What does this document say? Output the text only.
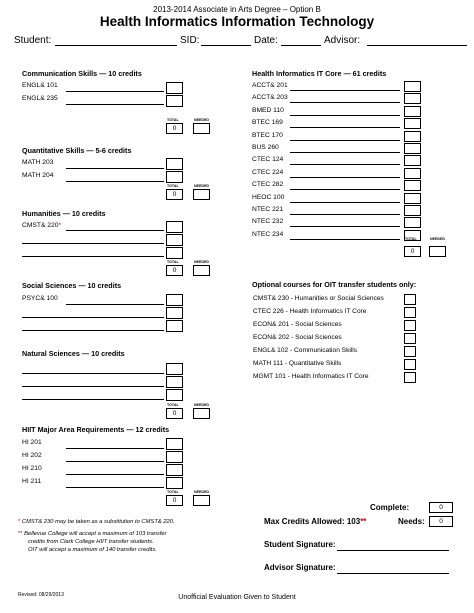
2013-2014 Associate in Arts Degree – Option B
Health Informatics Information Technology
Student:	SID:	Date:	Advisor:
Communication Skills — 10 credits
ENGL& 101
ENGL& 235
TOTAL	NEEDED
0
Quantitative Skills — 5-6 credits
MATH 203
MATH 204
TOTAL	NEEDED
0
Humanities — 10 credits
CMST& 220*
TOTAL	NEEDED
0
Social Sciences — 10 credits
PSYC& 100
Natural Sciences — 10 credits
TOTAL	NEEDED
0
HIIT Major Area Requirements — 12 credits
HI 201
HI 202
HI 210
HI 211
TOTAL	NEEDED
0
Health Informatics IT Core — 61 credits
ACCT& 201
ACCT& 203
BMED 110
BTEC 169
BTEC 170
BUS 260
CTEC 124
CTEC 224
CTEC 282
HEOC 100
NTEC 221
NTEC 232
NTEC 234
TOTAL	NEEDED
0
Optional courses for OIT transfer students only:
CMST& 230 - Humanities or Social Sciences
CTEC 226 - Health Informatics IT Core
ECON& 201 - Social Sciences
ECON& 202 - Social Sciences
ENGL& 102 - Communication Skills
MATH 111 - Quantitative Skills
MGMT 101 - Health Informatics IT Core
Complete:	0
Max Credits Allowed: 103**	Needs:	0
Student Signature:
Advisor Signature:
* CMST& 230 may be taken as a substitution to CMST& 220.
** Bellevue College will accept a maximum of 103 transfer
credits from Clark College HIIT transfer students.
OIT will accept a maximum of 140 transfer credits.
Revised: 08/29/2013	Unofficial Evaluation Given to Student
